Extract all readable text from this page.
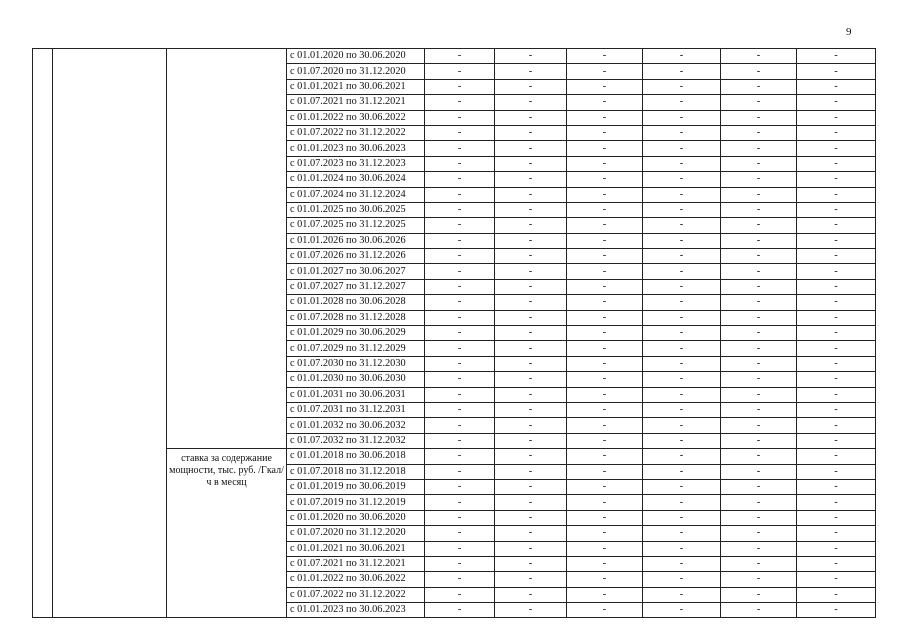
9
			с 01.01.2020 по 30.06.2020	-	-	-	-	-	-
			с 01.07.2020 по 31.12.2020	-	-	-	-	-	-
			с 01.01.2021 по 30.06.2021	-	-	-	-	-	-
			с 01.07.2021 по 31.12.2021	-	-	-	-	-	-
			с 01.01.2022 по 30.06.2022	-	-	-	-	-	-
			с 01.07.2022 по 31.12.2022	-	-	-	-	-	-
			с 01.01.2023 по 30.06.2023	-	-	-	-	-	-
			с 01.07.2023 по 31.12.2023	-	-	-	-	-	-
			с 01.01.2024 по 30.06.2024	-	-	-	-	-	-
			с 01.07.2024 по 31.12.2024	-	-	-	-	-	-
			с 01.01.2025 по 30.06.2025	-	-	-	-	-	-
			с 01.07.2025 по 31.12.2025	-	-	-	-	-	-
			с 01.01.2026 по 30.06.2026	-	-	-	-	-	-
			с 01.07.2026 по 31.12.2026	-	-	-	-	-	-
			с 01.01.2027 по 30.06.2027	-	-	-	-	-	-
			с 01.07.2027 по 31.12.2027	-	-	-	-	-	-
			с 01.01.2028 по 30.06.2028	-	-	-	-	-	-
			с 01.07.2028 по 31.12.2028	-	-	-	-	-	-
			с 01.01.2029 по 30.06.2029	-	-	-	-	-	-
			с 01.07.2029 по 31.12.2029	-	-	-	-	-	-
			с 01.07.2030 по 31.12.2030	-	-	-	-	-	-
			с 01.01.2030 по 30.06.2030	-	-	-	-	-	-
			с 01.01.2031 по 30.06.2031	-	-	-	-	-	-
			с 01.07.2031 по 31.12.2031	-	-	-	-	-	-
			с 01.01.2032 по 30.06.2032	-	-	-	-	-	-
			с 01.07.2032 по 31.12.2032	-	-	-	-	-	-
		ставка за содержание мощности, тыс. руб. /Гкал/ч в месяц	с 01.01.2018 по 30.06.2018	-	-	-	-	-	-
			с 01.07.2018 по 31.12.2018	-	-	-	-	-	-
			с 01.01.2019 по 30.06.2019	-	-	-	-	-	-
			с 01.07.2019 по 31.12.2019	-	-	-	-	-	-
			с 01.01.2020 по 30.06.2020	-	-	-	-	-	-
			с 01.07.2020 по 31.12.2020	-	-	-	-	-	-
			с 01.01.2021 по 30.06.2021	-	-	-	-	-	-
			с 01.07.2021 по 31.12.2021	-	-	-	-	-	-
			с 01.01.2022 по 30.06.2022	-	-	-	-	-	-
			с 01.07.2022 по 31.12.2022	-	-	-	-	-	-
			с 01.01.2023 по 30.06.2023	-	-	-	-	-	-
